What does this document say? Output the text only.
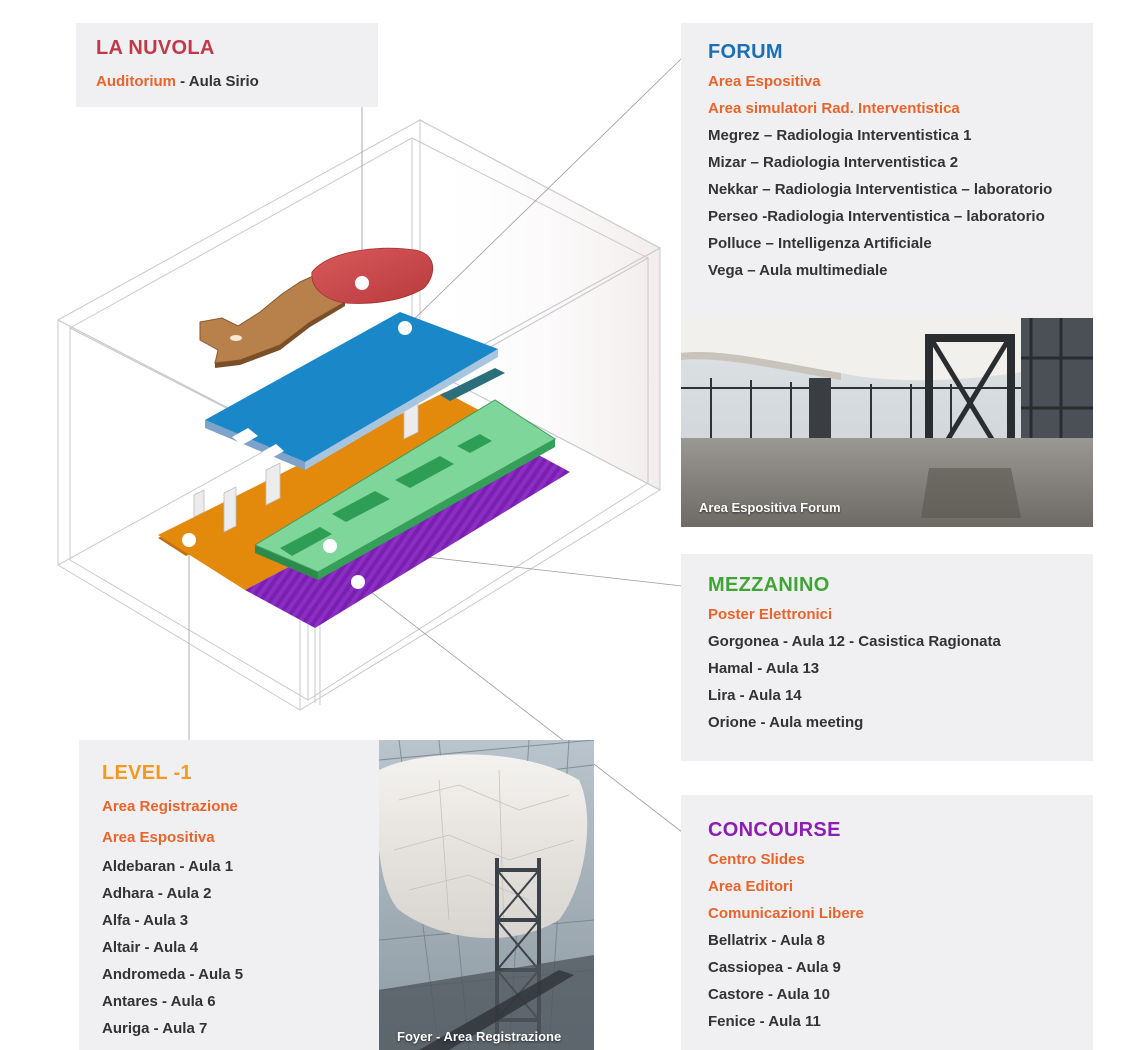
LA NUVOLA
Auditorium - Aula Sirio
FORUM
Area Espositiva
Area simulatori Rad. Interventistica
Megrez – Radiologia Interventistica 1
Mizar – Radiologia Interventistica 2
Nekkar – Radiologia Interventistica – laboratorio
Perseo -Radiologia Interventistica – laboratorio
Polluce – Intelligenza Artificiale
Vega – Aula multimediale
Area Espositiva Forum
MEZZANINO
Poster Elettronici
Gorgonea - Aula 12 - Casistica Ragionata
Hamal - Aula 13
Lira - Aula 14
Orione - Aula meeting
LEVEL -1
Area Registrazione
Area Espositiva
Aldebaran - Aula 1
Adhara - Aula 2
Alfa - Aula 3
Altair - Aula 4
Andromeda - Aula 5
Antares - Aula 6
Auriga - Aula 7	Foyer - Area Registrazione
CONCOURSE
Centro Slides
Area Editori
Comunicazioni Libere
Bellatrix - Aula 8
Cassiopea - Aula 9
Castore - Aula 10
Fenice - Aula 11
